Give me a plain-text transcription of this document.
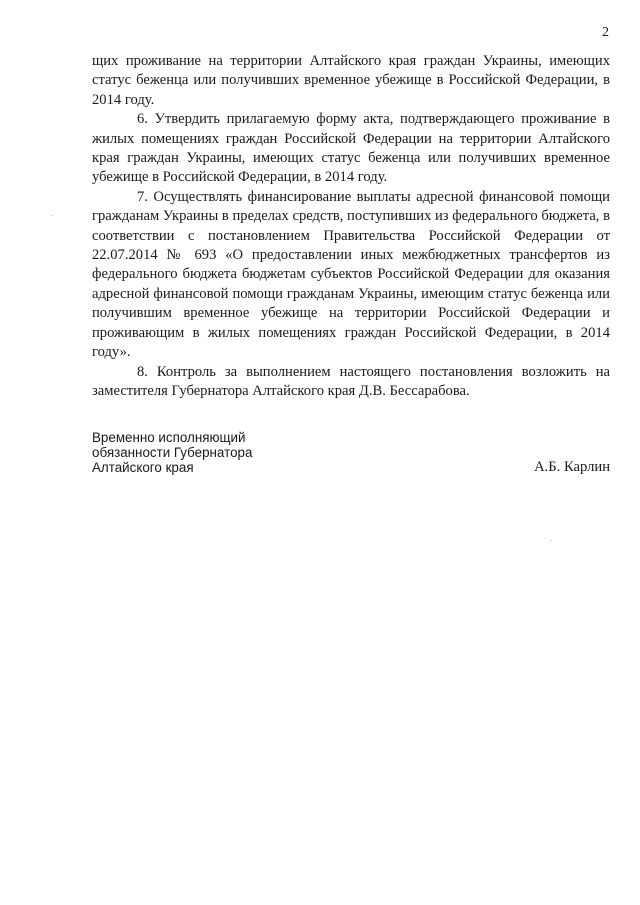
2

щих проживание на территории Алтайского края граждан Украины, имеющих статус беженца или получивших временное убежище в Российской Федерации, в 2014 году.

6. Утвердить прилагаемую форму акта, подтверждающего проживание в жилых помещениях граждан Российской Федерации на территории Алтайского края граждан Украины, имеющих статус беженца или получивших временное убежище в Российской Федерации, в 2014 году.

7. Осуществлять финансирование выплаты адресной финансовой помощи гражданам Украины в пределах средств, поступивших из федерального бюджета, в соответствии с постановлением Правительства Российской Федерации от 22.07.2014 № 693 «О предоставлении иных межбюджетных трансфертов из федерального бюджета бюджетам субъектов Российской Федерации для оказания адресной финансовой помощи гражданам Украины, имеющим статус беженца или получившим временное убежище на территории Российской Федерации и проживающим в жилых помещениях граждан Российской Федерации, в 2014 году».

8. Контроль за выполнением настоящего постановления возложить на заместителя Губернатора Алтайского края Д.В. Бессарабова.

Временно исполняющий
обязанности Губернатора
Алтайского края	А.Б. Карлин
